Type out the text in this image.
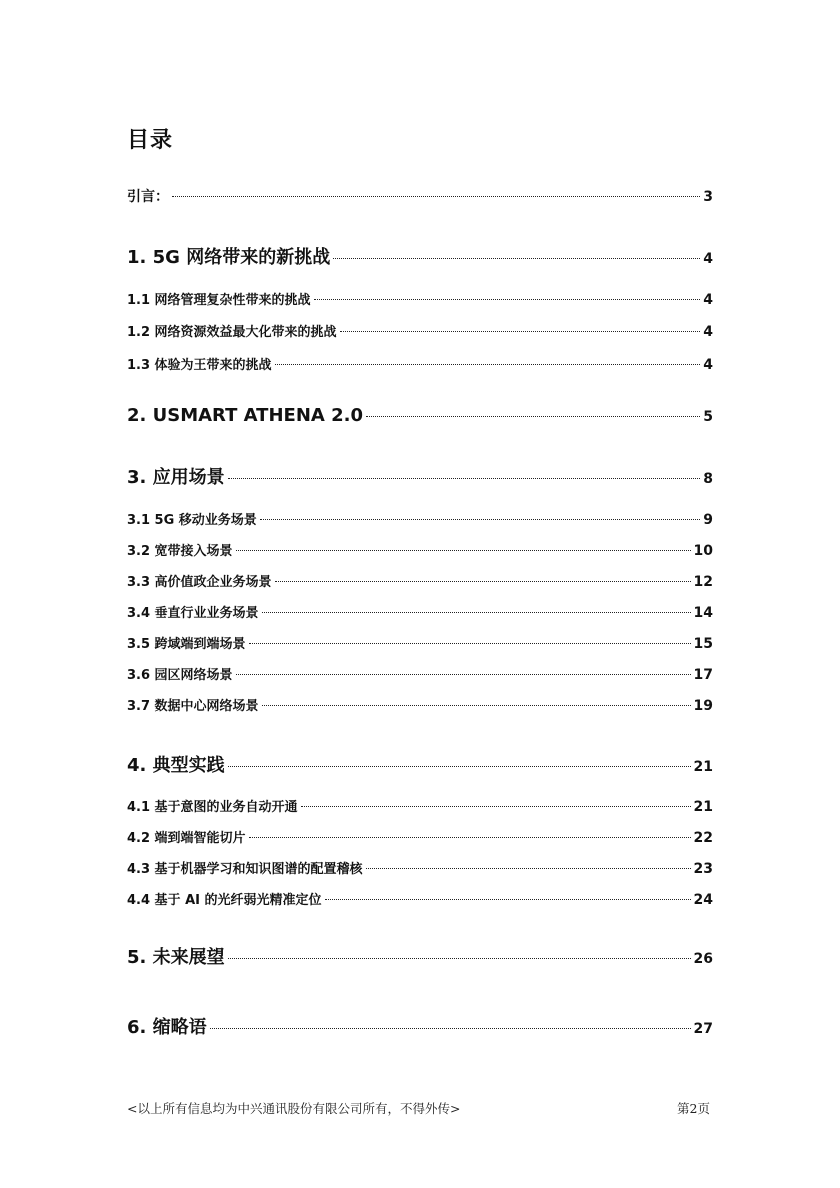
目录
引言：	3
1. 5G 网络带来的新挑战	4
1.1 网络管理复杂性带来的挑战	4
1.2 网络资源效益最大化带来的挑战	4
1.3 体验为王带来的挑战	4
2. USMART ATHENA 2.0	5
3. 应用场景	8
3.1 5G 移动业务场景	9
3.2 宽带接入场景	10
3.3 高价值政企业务场景	12
3.4 垂直行业业务场景	14
3.5 跨域端到端场景	15
3.6 园区网络场景	17
3.7 数据中心网络场景	19
4. 典型实践	21
4.1 基于意图的业务自动开通	21
4.2 端到端智能切片	22
4.3 基于机器学习和知识图谱的配置稽核	23
4.4 基于 AI 的光纤弱光精准定位	24
5. 未来展望	26
6. 缩略语	27
<以上所有信息均为中兴通讯股份有限公司所有，不得外传>	第2页
